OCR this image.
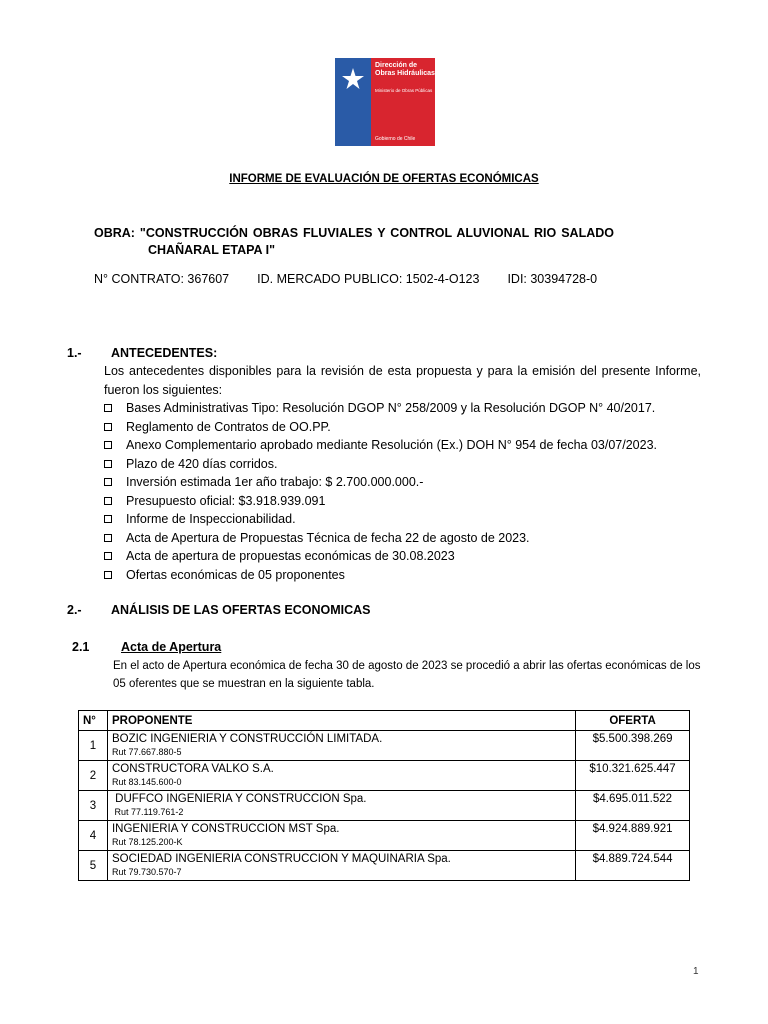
Dirección de Obras Hidráulicas
Ministerio de Obras Públicas
Gobierno de Chile
INFORME DE EVALUACIÓN DE OFERTAS ECONÓMICAS
OBRA: "CONSTRUCCIÓN OBRAS FLUVIALES Y CONTROL ALUVIONAL RIO SALADO
CHAÑARAL ETAPA I"
N° CONTRATO: 367607 ID. MERCADO PUBLICO: 1502-4-O123 IDI: 30394728-0
1.- ANTECEDENTES:
Los antecedentes disponibles para la revisión de esta propuesta y para la emisión del presente Informe, fueron los siguientes:
Bases Administrativas Tipo: Resolución DGOP N° 258/2009 y la Resolución DGOP N° 40/2017.
Reglamento de Contratos de OO.PP.
Anexo Complementario aprobado mediante Resolución (Ex.) DOH N° 954 de fecha 03/07/2023.
Plazo de 420 días corridos.
Inversión estimada 1er año trabajo: $ 2.700.000.000.-
Presupuesto oficial: $3.918.939.091
Informe de Inspeccionabilidad.
Acta de Apertura de Propuestas Técnica de fecha 22 de agosto de 2023.
Acta de apertura de propuestas económicas de 30.08.2023
Ofertas económicas de 05 proponentes
2.- ANÁLISIS DE LAS OFERTAS ECONOMICAS
2.1	Acta de Apertura
En el acto de Apertura económica de fecha 30 de agosto de 2023 se procedió a abrir las ofertas económicas de los 05 oferentes que se muestran en la siguiente tabla.
N°	PROPONENTE	OFERTA
1	BOZIC INGENIERIA Y CONSTRUCCIÓN LIMITADA.
Rut 77.667.880-5	$5.500.398.269

2	CONSTRUCTORA VALKO S.A.
Rut 83.145.600-0	$10.321.625.447

3	DUFFCO INGENIERIA Y CONSTRUCCION Spa.
Rut 77.119.761-2	$4.695.011.522

4	INGENIERIA Y CONSTRUCCION MST Spa.
Rut 78.125.200-K	$4.924.889.921

5	SOCIEDAD INGENIERIA CONSTRUCCION Y MAQUINARIA Spa.
Rut 79.730.570-7	$4.889.724.544
1
